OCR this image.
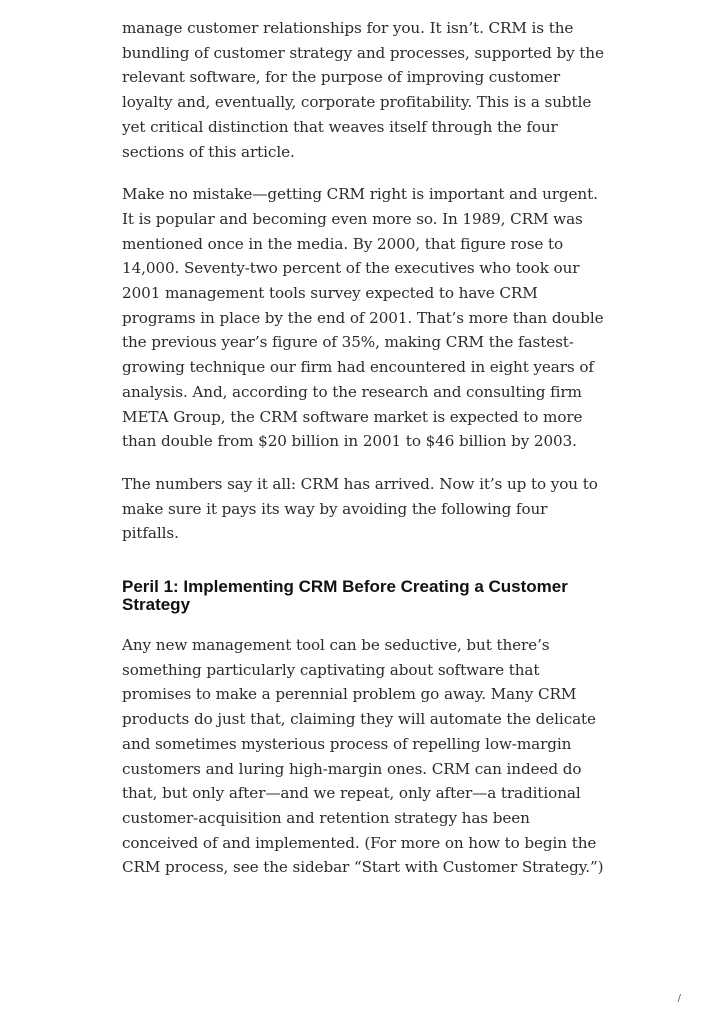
manage customer relationships for you. It isn’t. CRM is the bundling of customer strategy and processes, supported by the relevant software, for the purpose of improving customer loyalty and, eventually, corporate profitability. This is a subtle yet critical distinction that weaves itself through the four sections of this article.

Make no mistake—getting CRM right is important and urgent. It is popular and becoming even more so. In 1989, CRM was mentioned once in the media. By 2000, that figure rose to 14,000. Seventy-two percent of the executives who took our 2001 management tools survey expected to have CRM programs in place by the end of 2001. That’s more than double the previous year’s figure of 35%, making CRM the fastest-growing technique our firm had encountered in eight years of analysis. And, according to the research and consulting firm META Group, the CRM software market is expected to more than double from $20 billion in 2001 to $46 billion by 2003.

The numbers say it all: CRM has arrived. Now it’s up to you to make sure it pays its way by avoiding the following four pitfalls.

Peril 1: Implementing CRM Before Creating a Customer Strategy

Any new management tool can be seductive, but there’s something particularly captivating about software that promises to make a perennial problem go away. Many CRM products do just that, claiming they will automate the delicate and sometimes mysterious process of repelling low-margin customers and luring high-margin ones. CRM can indeed do that, but only after—and we repeat, only after—a traditional customer-acquisition and retention strategy has been conceived of and implemented. (For more on how to begin the CRM process, see the sidebar “Start with Customer Strategy.”)

/
